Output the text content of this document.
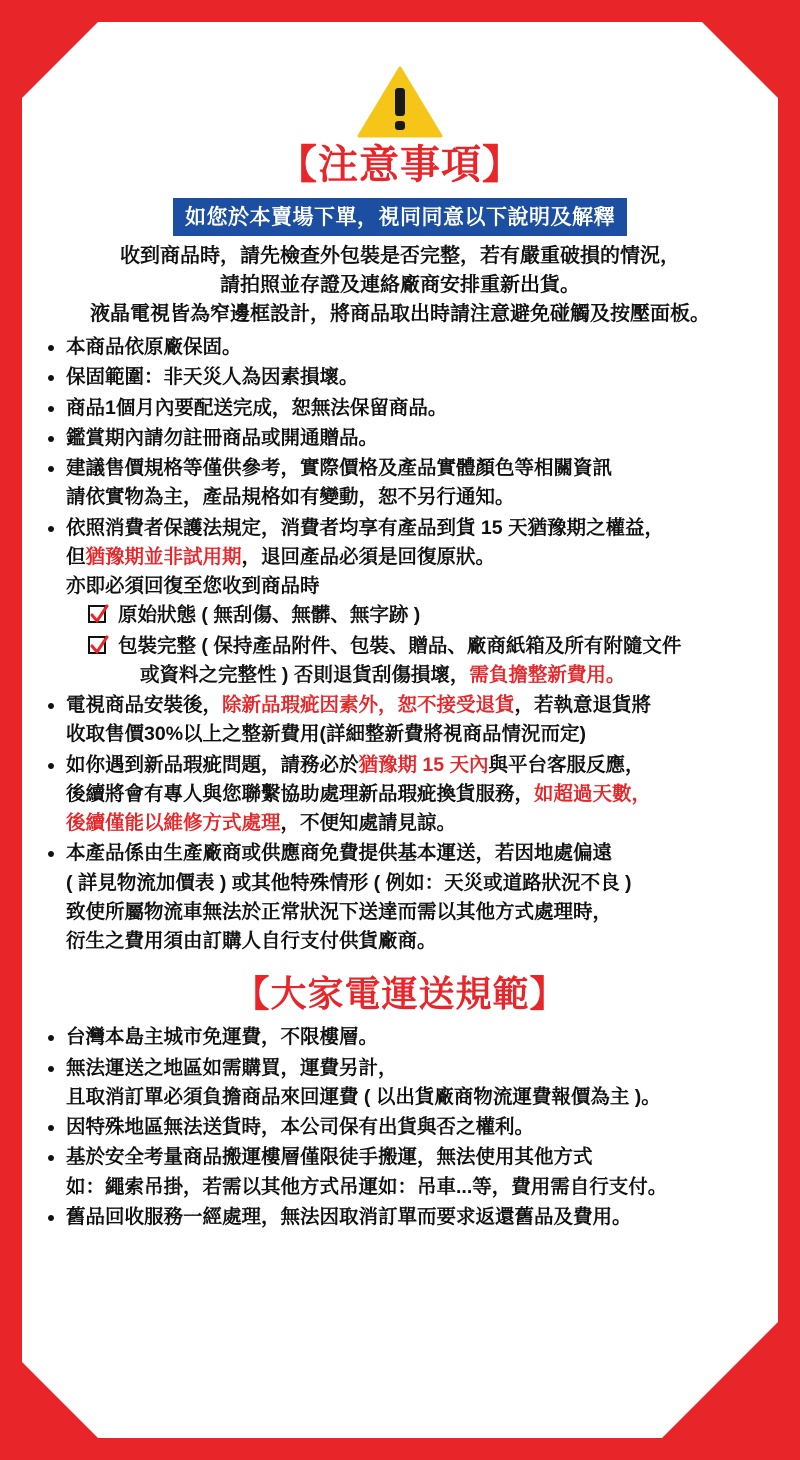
【注意事項】
如您於本賣場下單，視同同意以下說明及解釋
收到商品時，請先檢查外包裝是否完整，若有嚴重破損的情況，
請拍照並存證及連絡廠商安排重新出貨。
液晶電視皆為窄邊框設計，將商品取出時請注意避免碰觸及按壓面板。
本商品依原廠保固。
保固範圍：非天災人為因素損壞。
商品1個月內要配送完成，恕無法保留商品。
鑑賞期內請勿註冊商品或開通贈品。
建議售價規格等僅供參考，實際價格及產品實體顏色等相關資訊
請依實物為主，產品規格如有變動，恕不另行通知。
依照消費者保護法規定，消費者均享有產品到貨 15 天猶豫期之權益，
但猶豫期並非試用期，退回產品必須是回復原狀。
亦即必須回復至您收到商品時
原始狀態 ( 無刮傷、無髒、無字跡 )
包裝完整 ( 保持產品附件、包裝、贈品、廠商紙箱及所有附隨文件
或資料之完整性 ) 否則退貨刮傷損壞，需負擔整新費用。
電視商品安裝後，除新品瑕疵因素外，恕不接受退貨，若執意退貨將
收取售價30%以上之整新費用(詳細整新費將視商品情況而定)
如你遇到新品瑕疵問題，請務必於猶豫期 15 天內與平台客服反應，
後續將會有專人與您聯繫協助處理新品瑕疵換貨服務，如超過天數，
後續僅能以維修方式處理，不便知處請見諒。
本產品係由生產廠商或供應商免費提供基本運送，若因地處偏遠
( 詳見物流加價表 ) 或其他特殊情形 ( 例如：天災或道路狀況不良 )
致使所屬物流車無法於正常狀況下送達而需以其他方式處理時，
衍生之費用須由訂購人自行支付供貨廠商。
【大家電運送規範】
台灣本島主城市免運費，不限樓層。
無法運送之地區如需購買，運費另計，
且取消訂單必須負擔商品來回運費 ( 以出貨廠商物流運費報價為主 )。
因特殊地區無法送貨時，本公司保有出貨與否之權利。
基於安全考量商品搬運樓層僅限徒手搬運，無法使用其他方式
如：繩索吊掛，若需以其他方式吊運如：吊車...等，費用需自行支付。
舊品回收服務一經處理，無法因取消訂單而要求返還舊品及費用。
